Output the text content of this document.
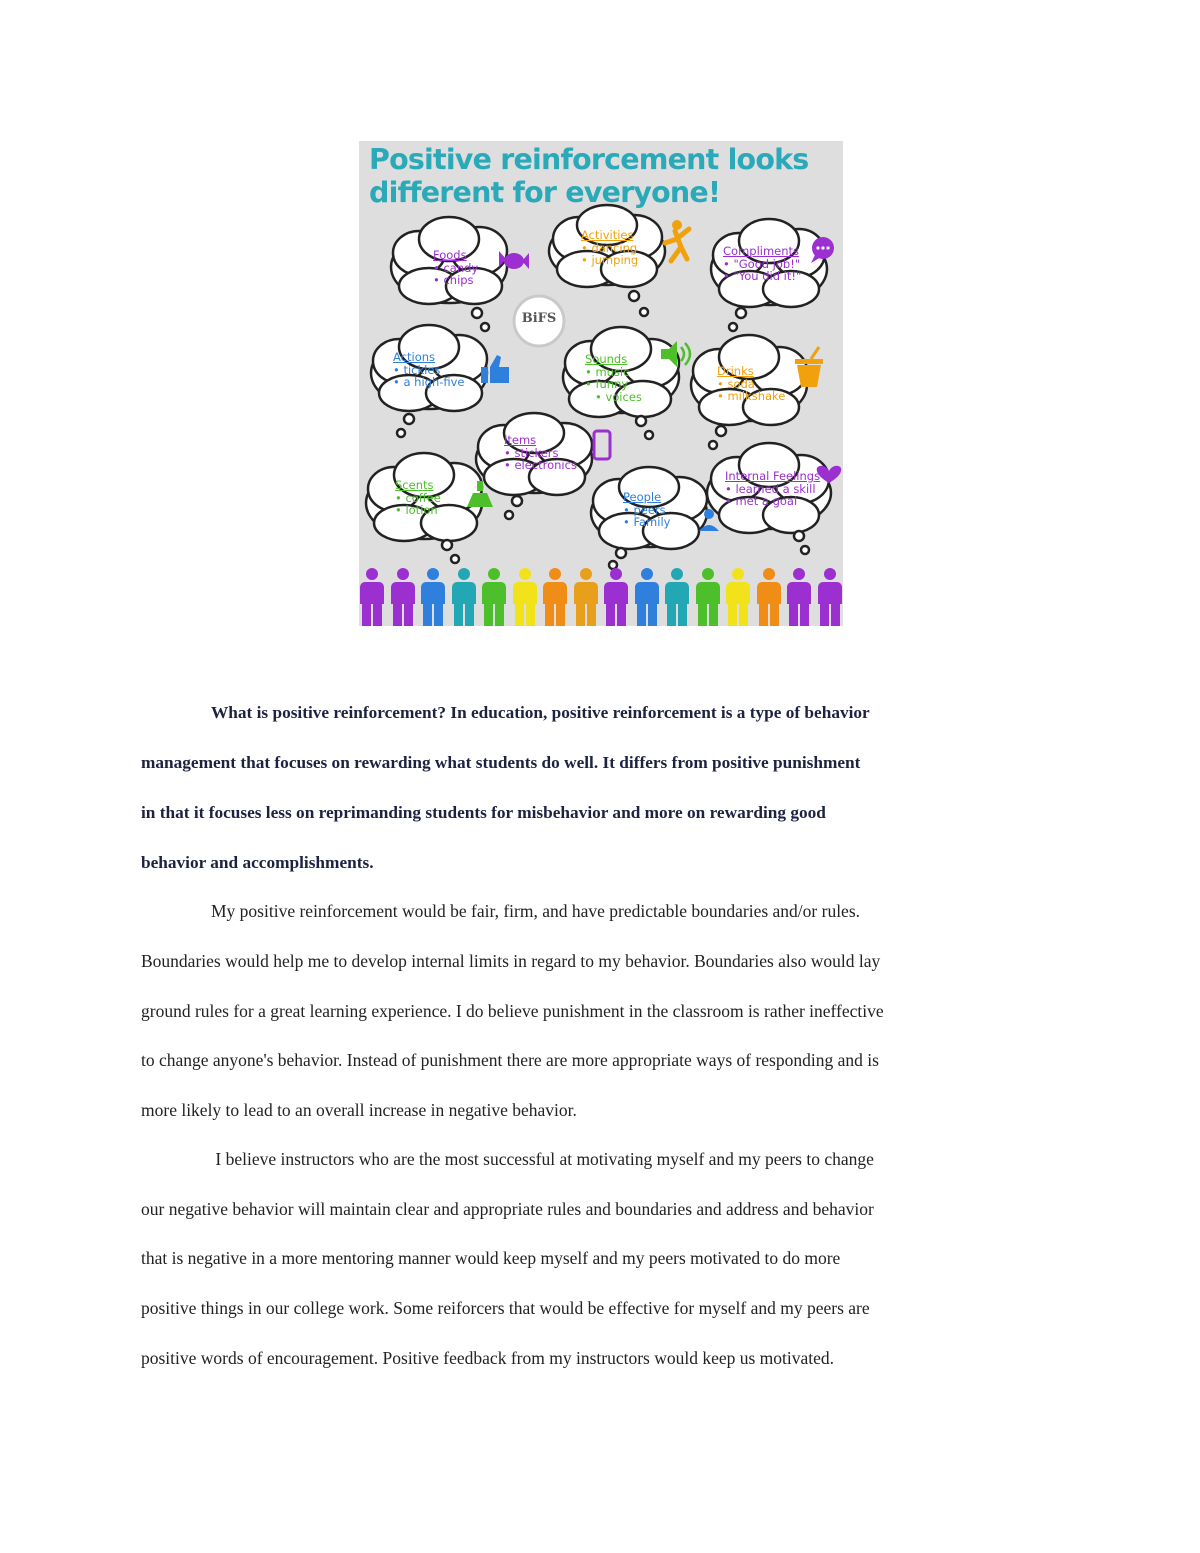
Positive reinforcement looks
different for everyone!
BiFS
Foods
• candy
• chips
Activities
• dancing
• jumping
Compliments
• "Good job!"
• "You did it!"
Actions
• tickles
• a high-five
Sounds
• music
• funny
• voices
Drinks
• soda
• milkshake
Items
• stickers
• electronics
Scents
• coffee
• lotion
People
• peers
• Family
Internal Feelings
• learned a skill
• met a goal
What is positive reinforcement? In education, positive reinforcement is a type of behavior
management that focuses on rewarding what students do well. It differs from positive punishment
in that it focuses less on reprimanding students for misbehavior and more on rewarding good
behavior and accomplishments.
My positive reinforcement would be fair, firm, and have predictable boundaries and/or rules.
Boundaries would help me to develop internal limits in regard to my behavior. Boundaries also would lay
ground rules for a great learning experience. I do believe punishment in the classroom is rather ineffective
to change anyone's behavior. Instead of punishment there are more appropriate ways of responding and is
more likely to lead to an overall increase in negative behavior.
I believe instructors who are the most successful at motivating myself and my peers to change
our negative behavior will maintain clear and appropriate rules and boundaries and address and behavior
that is negative in a more mentoring manner would keep myself and my peers motivated to do more
positive things in our college work. Some reiforcers that would be effective for myself and my peers are
positive words of encouragement. Positive feedback from my instructors would keep us motivated.
